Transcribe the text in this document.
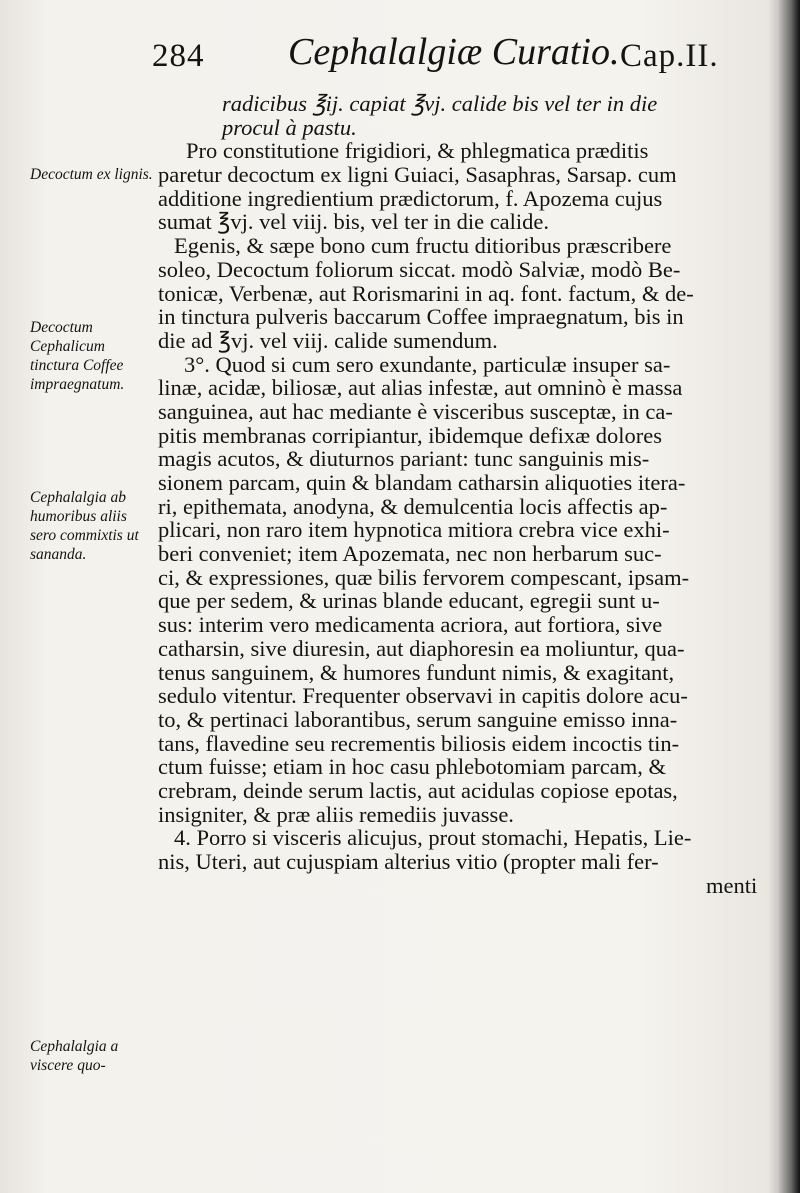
284 Cephalalgiæ Curatio. Cap.II.
Decoctum ex lignis.
Decoctum Cephalicum tinctura Coffee impraegnatum.
Cephalalgia ab humoribus aliis sero commixtis ut sananda.
Cephalalgia a viscere quo-
radicibus ℥ij. capiat ℥vj. calide bis vel ter in die
procul à pastu.
Pro constitutione frigidiori, & phlegmatica præditis
paretur decoctum ex ligni Guiaci, Sasaphras, Sarsap. cum
additione ingredientium prædictorum, f. Apozema cujus
sumat ℥vj. vel viij. bis, vel ter in die calide.
Egenis, & sæpe bono cum fructu ditioribus præscribere
soleo, Decoctum foliorum siccat. modò Salviæ, modò Be-
tonicæ, Verbenæ, aut Rorismarini in aq. font. factum, & de-
in tinctura pulveris baccarum Coffee impraegnatum, bis in
die ad ℥vj. vel viij. calide sumendum.
3°. Quod si cum sero exundante, particulæ insuper sa-
linæ, acidæ, biliosæ, aut alias infestæ, aut omninò è massa
sanguinea, aut hac mediante è visceribus susceptæ, in ca-
pitis membranas corripiantur, ibidemque defixæ dolores
magis acutos, & diuturnos pariant: tunc sanguinis mis-
sionem parcam, quin & blandam catharsin aliquoties itera-
ri, epithemata, anodyna, & demulcentia locis affectis ap-
plicari, non raro item hypnotica mitiora crebra vice exhi-
beri conveniet; item Apozemata, nec non herbarum suc-
ci, & expressiones, quæ bilis fervorem compescant, ipsam-
que per sedem, & urinas blande educant, egregii sunt u-
sus: interim vero medicamenta acriora, aut fortiora, sive
catharsin, sive diuresin, aut diaphoresin ea moliuntur, qua-
tenus sanguinem, & humores fundunt nimis, & exagitant,
sedulo vitentur. Frequenter observavi in capitis dolore acu-
to, & pertinaci laborantibus, serum sanguine emisso inna-
tans, flavedine seu recrementis biliosis eidem incoctis tin-
ctum fuisse; etiam in hoc casu phlebotomiam parcam, &
crebram, deinde serum lactis, aut acidulas copiose epotas,
insigniter, & præ aliis remediis juvasse.
4. Porro si visceris alicujus, prout stomachi, Hepatis, Lie-
nis, Uteri, aut cujuspiam alterius vitio (propter mali fer-
menti
